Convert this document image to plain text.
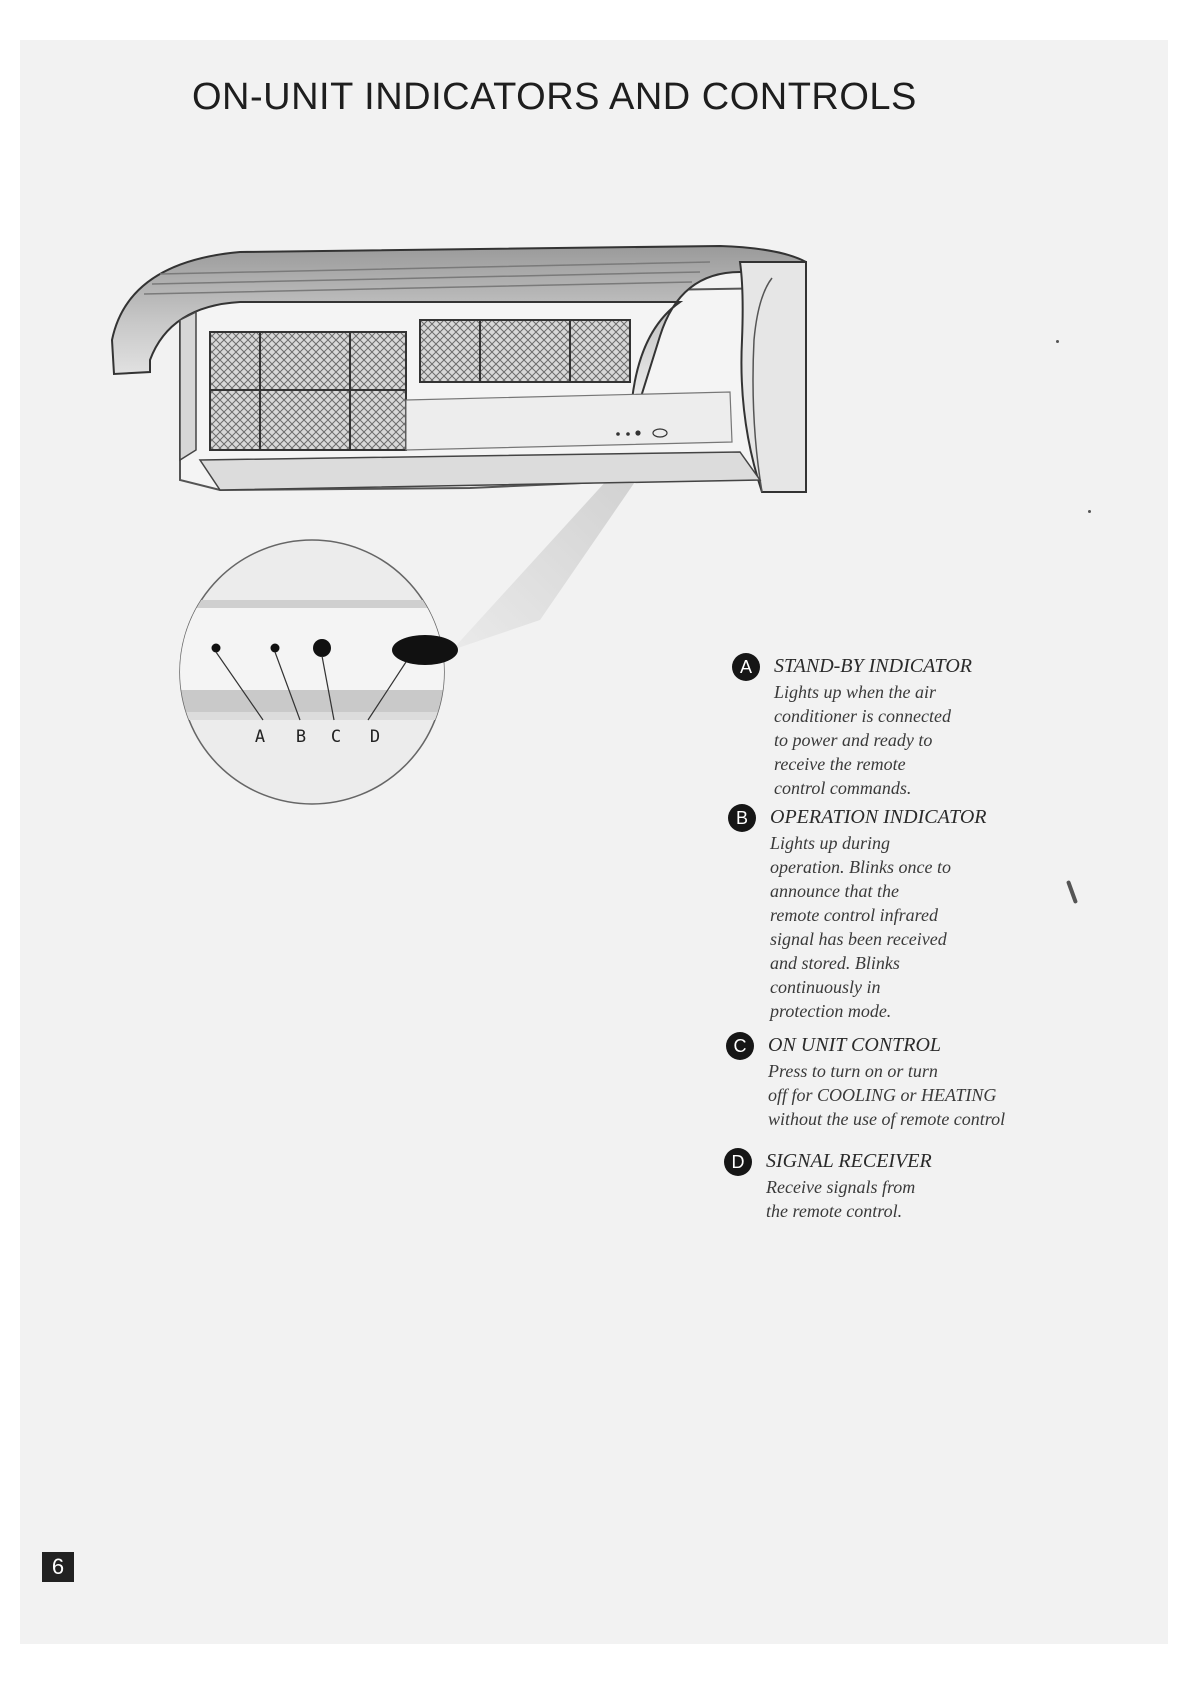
ON-UNIT INDICATORS AND CONTROLS
A B C D
A	STAND-BY INDICATOR

Lights up when the air
conditioner is connected
to power and ready to
receive the remote
control commands.

B	OPERATION INDICATOR

Lights up during
operation. Blinks once to
announce that the
remote control infrared
signal has been received
and stored. Blinks
continuously in
protection mode.

C	ON UNIT CONTROL

Press to turn on or turn
off for COOLING or HEATING
without the use of remote control

D	SIGNAL RECEIVER

Receive signals from
the remote control.

6
